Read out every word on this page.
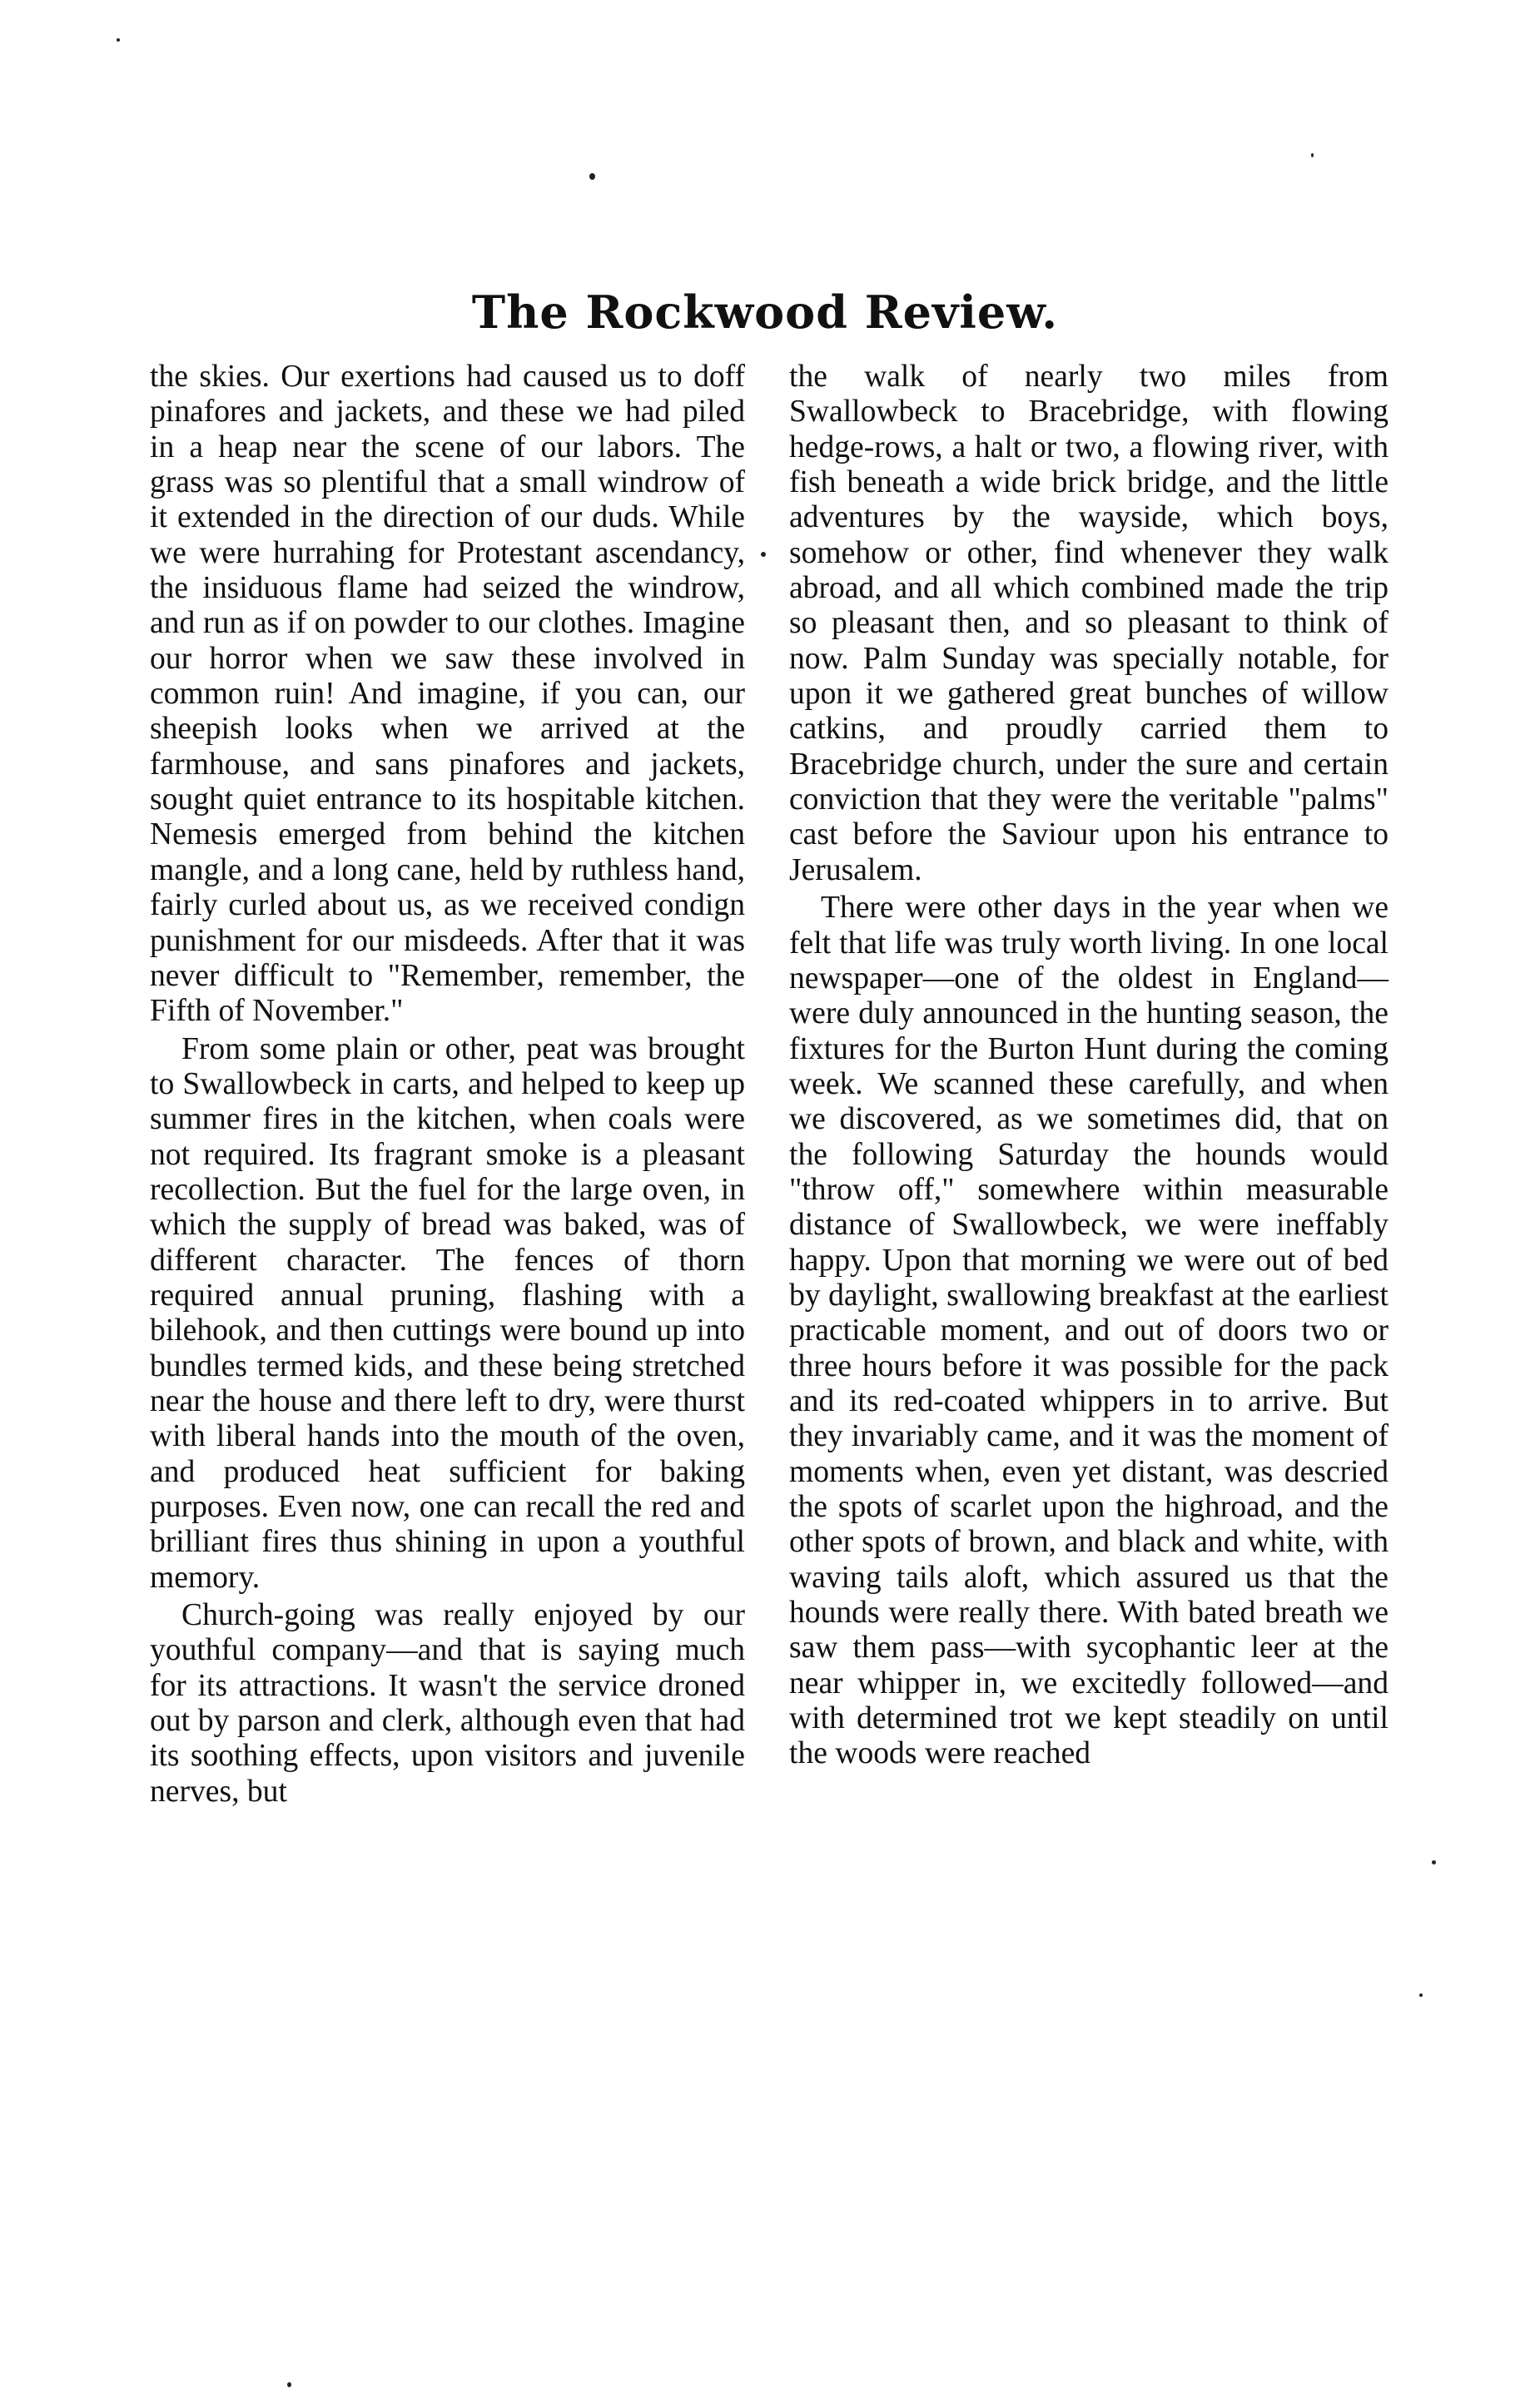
The Rockwood Review.

the skies. Our exertions had caused us to doff pinafores and jackets, and these we had piled in a heap near the scene of our labors. The grass was so plentiful that a small windrow of it extended in the direction of our duds. While we were hurrahing for Protestant ascendancy, the insiduous flame had seized the windrow, and run as if on powder to our clothes. Imagine our horror when we saw these involved in common ruin! And imagine, if you can, our sheepish looks when we arrived at the farmhouse, and sans pinafores and jackets, sought quiet entrance to its hospitable kitchen. Nemesis emerged from behind the kitchen mangle, and a long cane, held by ruthless hand, fairly curled about us, as we received condign punishment for our misdeeds. After that it was never difficult to "Remember, remember, the Fifth of November."

From some plain or other, peat was brought to Swallowbeck in carts, and helped to keep up summer fires in the kitchen, when coals were not required. Its fragrant smoke is a pleasant recollection. But the fuel for the large oven, in which the supply of bread was baked, was of different character. The fences of thorn required annual pruning, flashing with a bilehook, and then cuttings were bound up into bundles termed kids, and these being stretched near the house and there left to dry, were thurst with liberal hands into the mouth of the oven, and produced heat sufficient for baking purposes. Even now, one can recall the red and brilliant fires thus shining in upon a youthful memory.

Church-going was really enjoyed by our youthful company—and that is saying much for its attractions. It wasn't the service droned out by parson and clerk, although even that had its soothing effects, upon visitors and juvenile nerves, but

the walk of nearly two miles from Swallowbeck to Bracebridge, with flowing hedge-rows, a halt or two, a flowing river, with fish beneath a wide brick bridge, and the little adventures by the wayside, which boys, somehow or other, find whenever they walk abroad, and all which combined made the trip so pleasant then, and so pleasant to think of now. Palm Sunday was specially notable, for upon it we gathered great bunches of willow catkins, and proudly carried them to Bracebridge church, under the sure and certain conviction that they were the veritable "palms" cast before the Saviour upon his entrance to Jerusalem.

There were other days in the year when we felt that life was truly worth living. In one local newspaper—one of the oldest in England—were duly announced in the hunting season, the fixtures for the Burton Hunt during the coming week. We scanned these carefully, and when we discovered, as we sometimes did, that on the following Saturday the hounds would "throw off," somewhere within measurable distance of Swallowbeck, we were ineffably happy. Upon that morning we were out of bed by daylight, swallowing breakfast at the earliest practicable moment, and out of doors two or three hours before it was possible for the pack and its red-coated whippers in to arrive. But they invariably came, and it was the moment of moments when, even yet distant, was descried the spots of scarlet upon the highroad, and the other spots of brown, and black and white, with waving tails aloft, which assured us that the hounds were really there. With bated breath we saw them pass—with sycophantic leer at the near whipper in, we excitedly followed—and with determined trot we kept steadily on until the woods were reached
